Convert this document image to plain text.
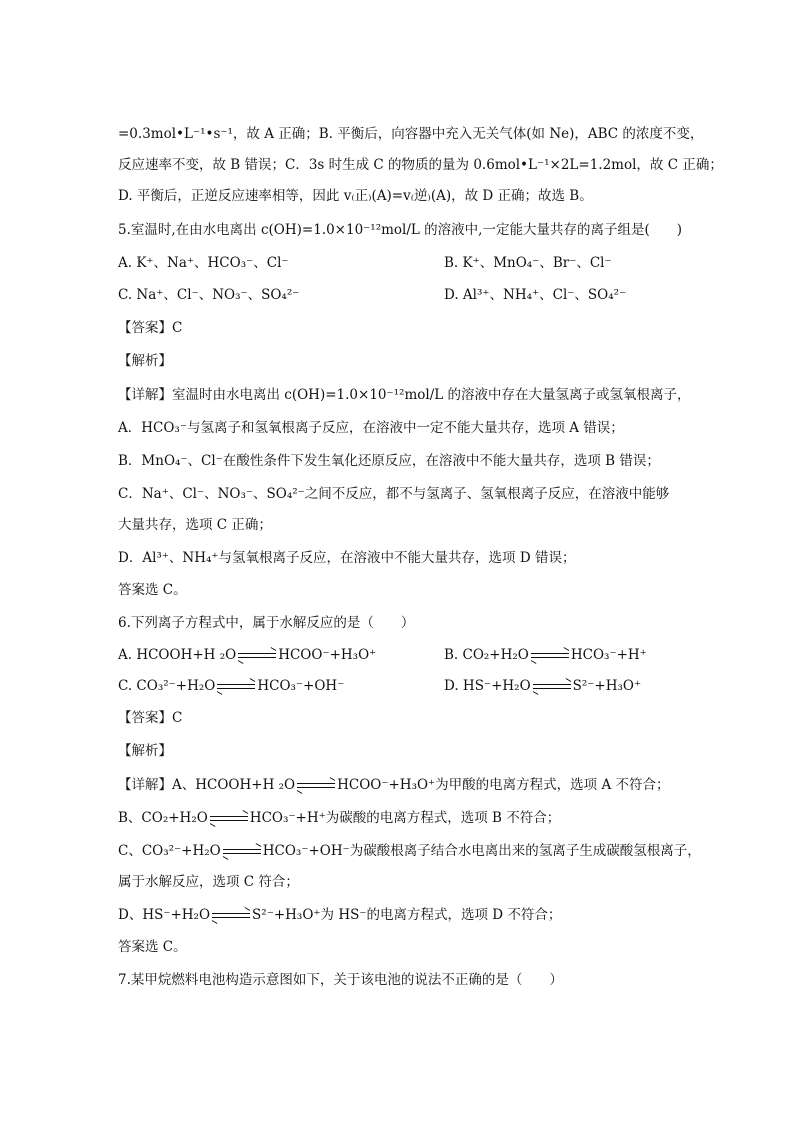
=0.3mol•L⁻¹•s⁻¹，故 A 正确；B. 平衡后，向容器中充入无关气体(如 Ne)，ABC 的浓度不变，
反应速率不变，故 B 错误；C．3s 时生成 C 的物质的量为 0.6mol•L⁻¹×2L=1.2mol，故 C 正确；
D. 平衡后，正逆反应速率相等，因此 v₍正₎(A)=v₍逆₎(A)，故 D 正确；故选 B。
5.室温时,在由水电离出 c(OH)=1.0×10⁻¹²mol/L 的溶液中,一定能大量共存的离子组是(　　)
A. K⁺、Na⁺、HCO₃⁻、Cl⁻	B. K⁺、MnO₄⁻、Br⁻、Cl⁻
C. Na⁺、Cl⁻、NO₃⁻、SO₄²⁻	D. Al³⁺、NH₄⁺、Cl⁻、SO₄²⁻
【答案】C
【解析】
【详解】室温时由水电离出 c(OH)=1.0×10⁻¹²mol/L 的溶液中存在大量氢离子或氢氧根离子，
A．HCO₃⁻与氢离子和氢氧根离子反应，在溶液中一定不能大量共存，选项 A 错误；
B．MnO₄⁻、Cl⁻在酸性条件下发生氧化还原反应，在溶液中不能大量共存，选项 B 错误；
C．Na⁺、Cl⁻、NO₃⁻、SO₄²⁻之间不反应，都不与氢离子、氢氧根离子反应，在溶液中能够
大量共存，选项 C 正确；
D．Al³⁺、NH₄⁺与氢氧根离子反应，在溶液中不能大量共存，选项 D 错误；
答案选 C。
6.下列离子方程式中，属于水解反应的是（　　）
A. HCOOH+H ₂O	HCOO⁻+H₃O⁺	B. CO₂+H₂O	HCO₃⁻+H⁺
C. CO₃²⁻+H₂O	HCO₃⁻+OH⁻	D. HS⁻+H₂O	S²⁻+H₃O⁺
【答案】C
【解析】
【详解】A、HCOOH+H ₂O	HCOO⁻+H₃O⁺为甲酸的电离方程式，选项 A 不符合；
B、CO₂+H₂O	HCO₃⁻+H⁺为碳酸的电离方程式，选项 B 不符合；
C、CO₃²⁻+H₂O	HCO₃⁻+OH⁻为碳酸根离子结合水电离出来的氢离子生成碳酸氢根离子，
属于水解反应，选项 C 符合；
D、HS⁻+H₂O	S²⁻+H₃O⁺为 HS⁻的电离方程式，选项 D 不符合；
答案选 C。
7.某甲烷燃料电池构造示意图如下，关于该电池的说法不正确的是（　　）
